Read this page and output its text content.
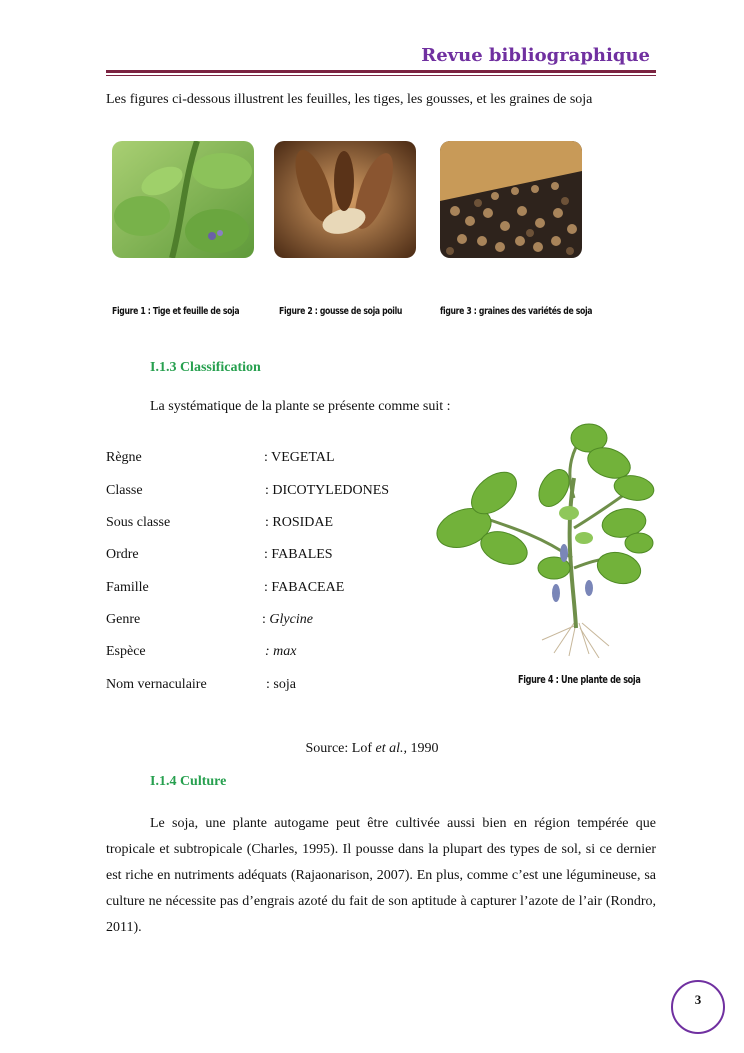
Revue bibliographique
Les figures ci-dessous illustrent les feuilles, les tiges, les gousses, et les graines de soja
Figure 1 : Tige et feuille de soja	Figure 2 : gousse de soja poilu	figure 3 : graines des variétés de soja
I.1.3 Classification
La systématique de la plante se présente comme suit :
Règne	: VEGETAL
Classe	: DICOTYLEDONES
Sous classe	: ROSIDAE
Ordre	: FABALES
Famille	: FABACEAE
Genre	: Glycine
Espèce	: max
Nom vernaculaire	: soja	Figure 4 : Une plante de soja
Source: Lof et al., 1990
I.1.4 Culture
Le soja, une plante autogame peut être cultivée aussi bien en région tempérée que tropicale et subtropicale (Charles, 1995). Il pousse dans la plupart des types de sol, si ce dernier est riche en nutriments adéquats (Rajaonarison, 2007). En plus, comme c’est une légumineuse, sa culture ne nécessite pas d’engrais azoté du fait de son aptitude à capturer l’azote de l’air (Rondro, 2011).
3
